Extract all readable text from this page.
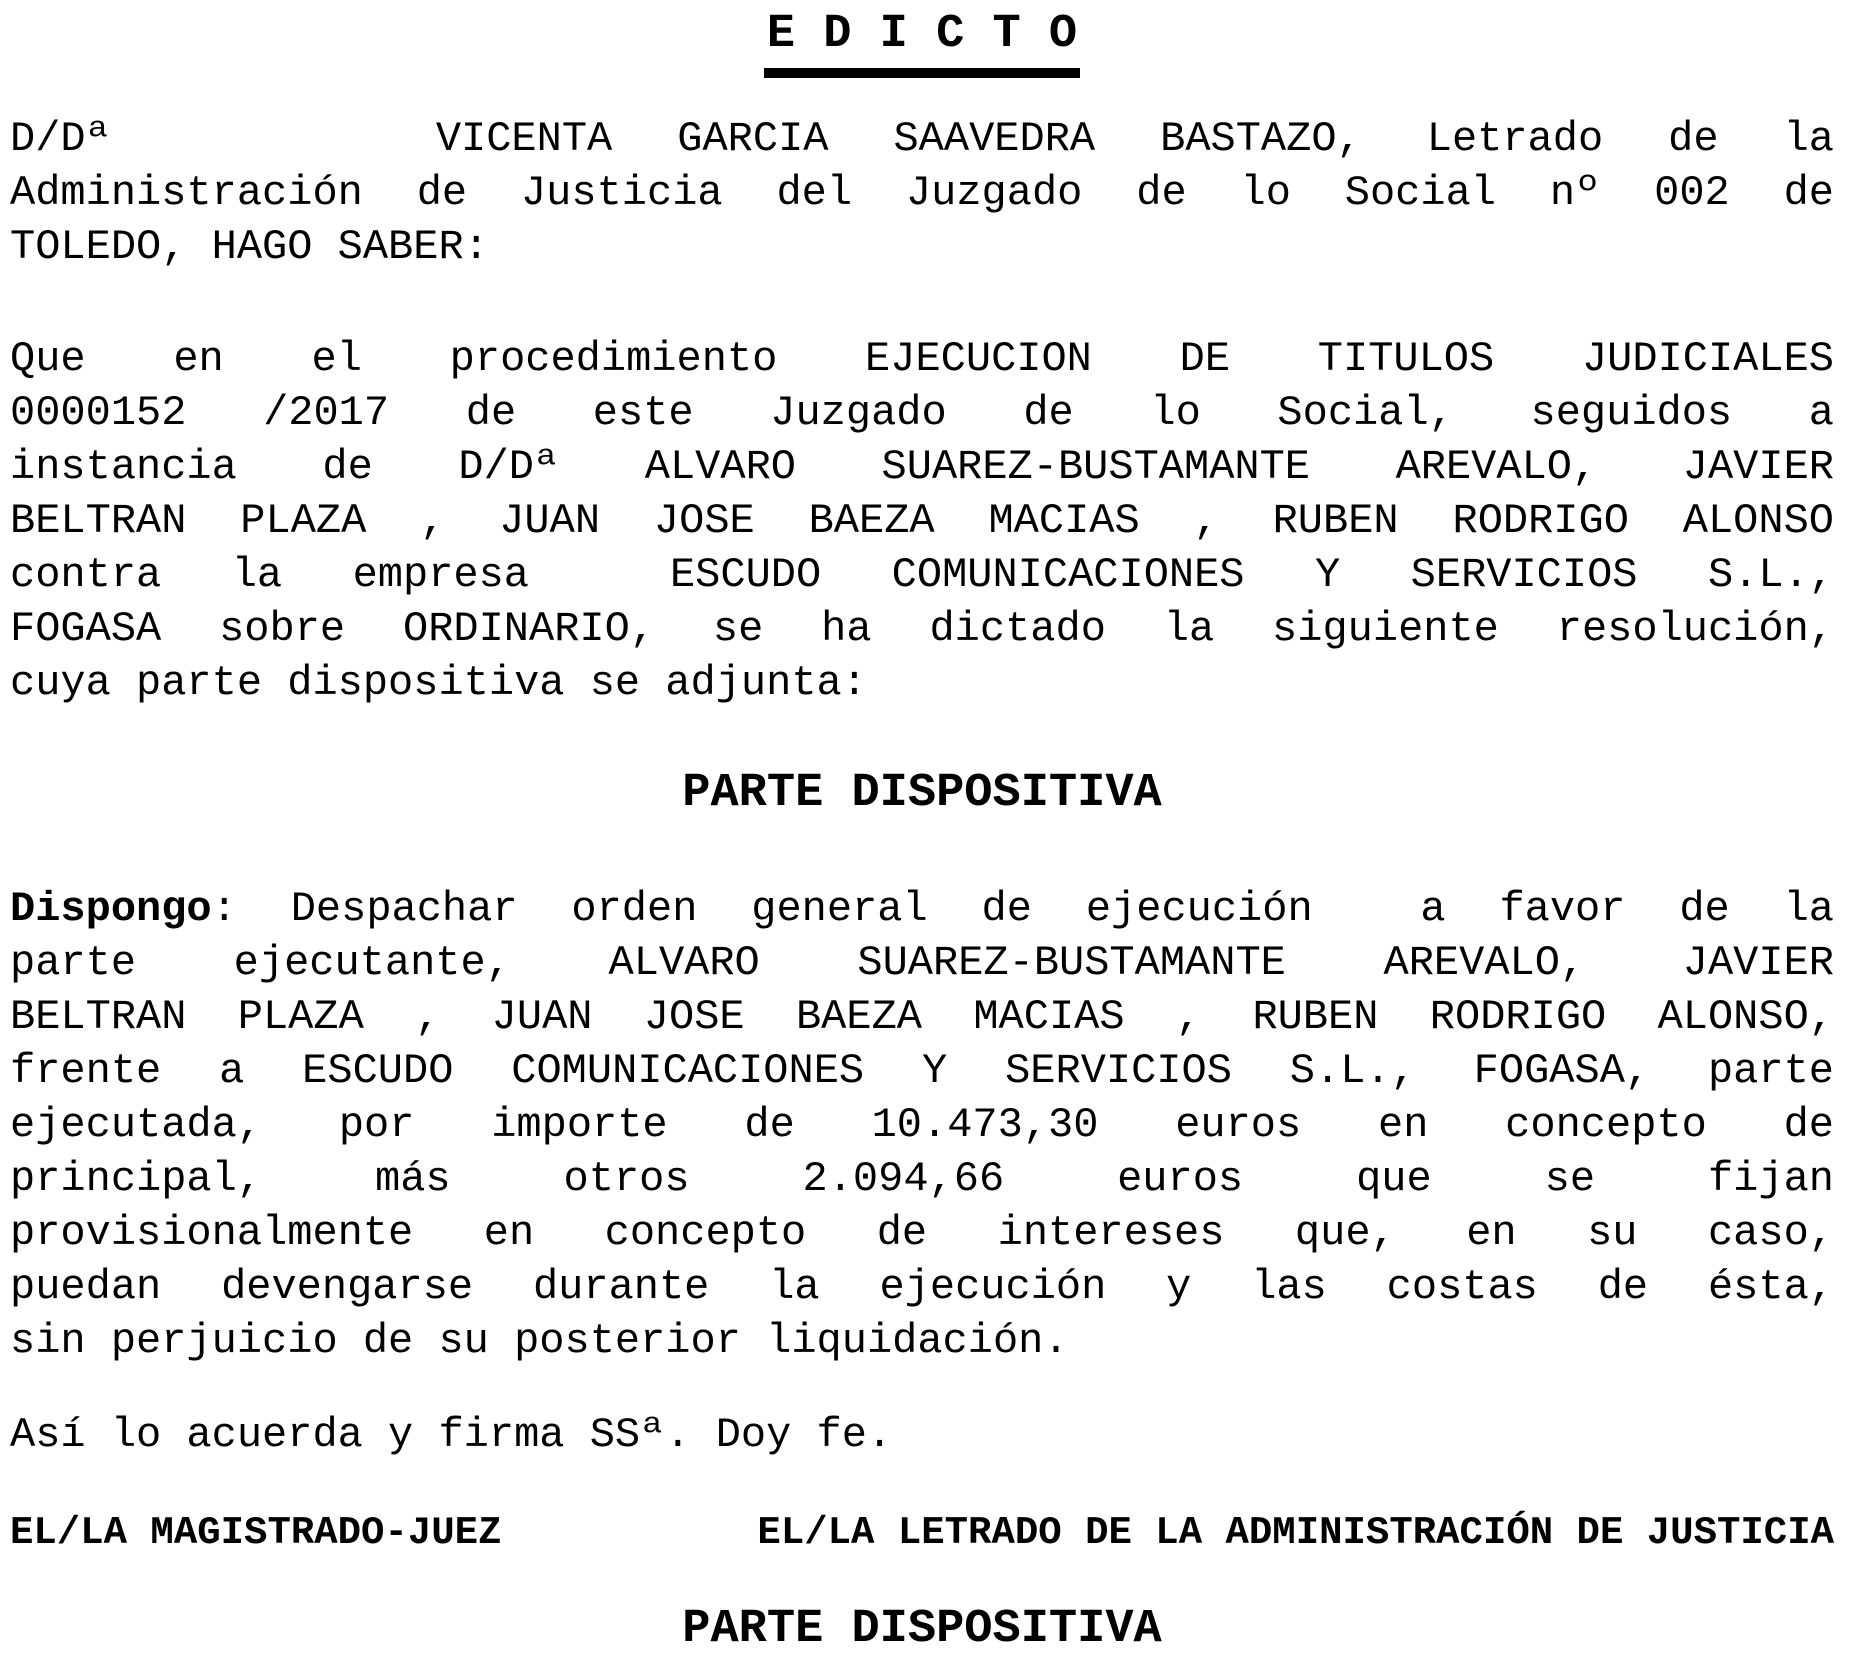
E D I C T O
D/Dª     VICENTA GARCIA SAAVEDRA BASTAZO, Letrado de la
Administración de Justicia del Juzgado de lo Social nº 002 de
TOLEDO, HAGO SABER:
Que en el procedimiento EJECUCION DE TITULOS JUDICIALES
0000152 /2017 de este Juzgado de lo Social, seguidos a
instancia de D/Dª ALVARO SUAREZ-BUSTAMANTE AREVALO, JAVIER
BELTRAN PLAZA , JUAN JOSE BAEZA MACIAS , RUBEN RODRIGO ALONSO
contra la empresa  ESCUDO COMUNICACIONES Y SERVICIOS S.L.,
FOGASA sobre ORDINARIO, se ha dictado la siguiente resolución,
cuya parte dispositiva se adjunta:
PARTE DISPOSITIVA
Dispongo: Despachar orden general de ejecución  a favor de la
parte ejecutante, ALVARO SUAREZ-BUSTAMANTE AREVALO, JAVIER
BELTRAN PLAZA , JUAN JOSE BAEZA MACIAS , RUBEN RODRIGO ALONSO,
frente a ESCUDO COMUNICACIONES Y SERVICIOS S.L., FOGASA, parte
ejecutada, por importe de 10.473,30 euros en concepto de
principal, más otros 2.094,66 euros que se fijan
provisionalmente en concepto de intereses que, en su caso,
puedan devengarse durante la ejecución y las costas de ésta,
sin perjuicio de su posterior liquidación.
Así lo acuerda y firma SSª. Doy fe.
EL/LA MAGISTRADO-JUEZ	EL/LA LETRADO DE LA ADMINISTRACIÓN DE JUSTICIA
PARTE DISPOSITIVA
